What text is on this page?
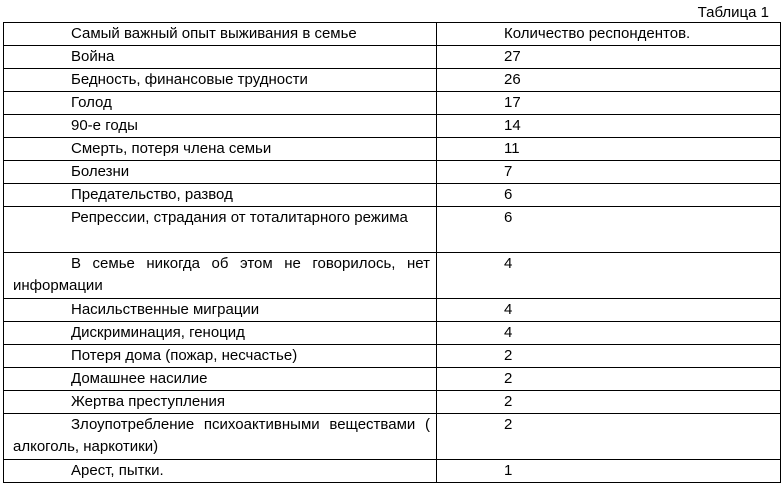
Таблица 1
Самый важный опыт выживания в семье	Количество респондентов.
Война	27
Бедность, финансовые трудности	26
Голод	17
90-е годы	14
Смерть, потеря члена семьи	11
Болезни	7
Предательство, развод	6
Репрессии, страдания от тоталитарного режима	6
В семье никогда об этом не говорилось, нет информации	4
Насильственные миграции	4
Дискриминация, геноцид	4
Потеря дома (пожар, несчастье)	2
Домашнее насилие	2
Жертва преступления	2
Злоупотребление психоактивными веществами ( алкоголь, наркотики)	2
Арест, пытки.	1
